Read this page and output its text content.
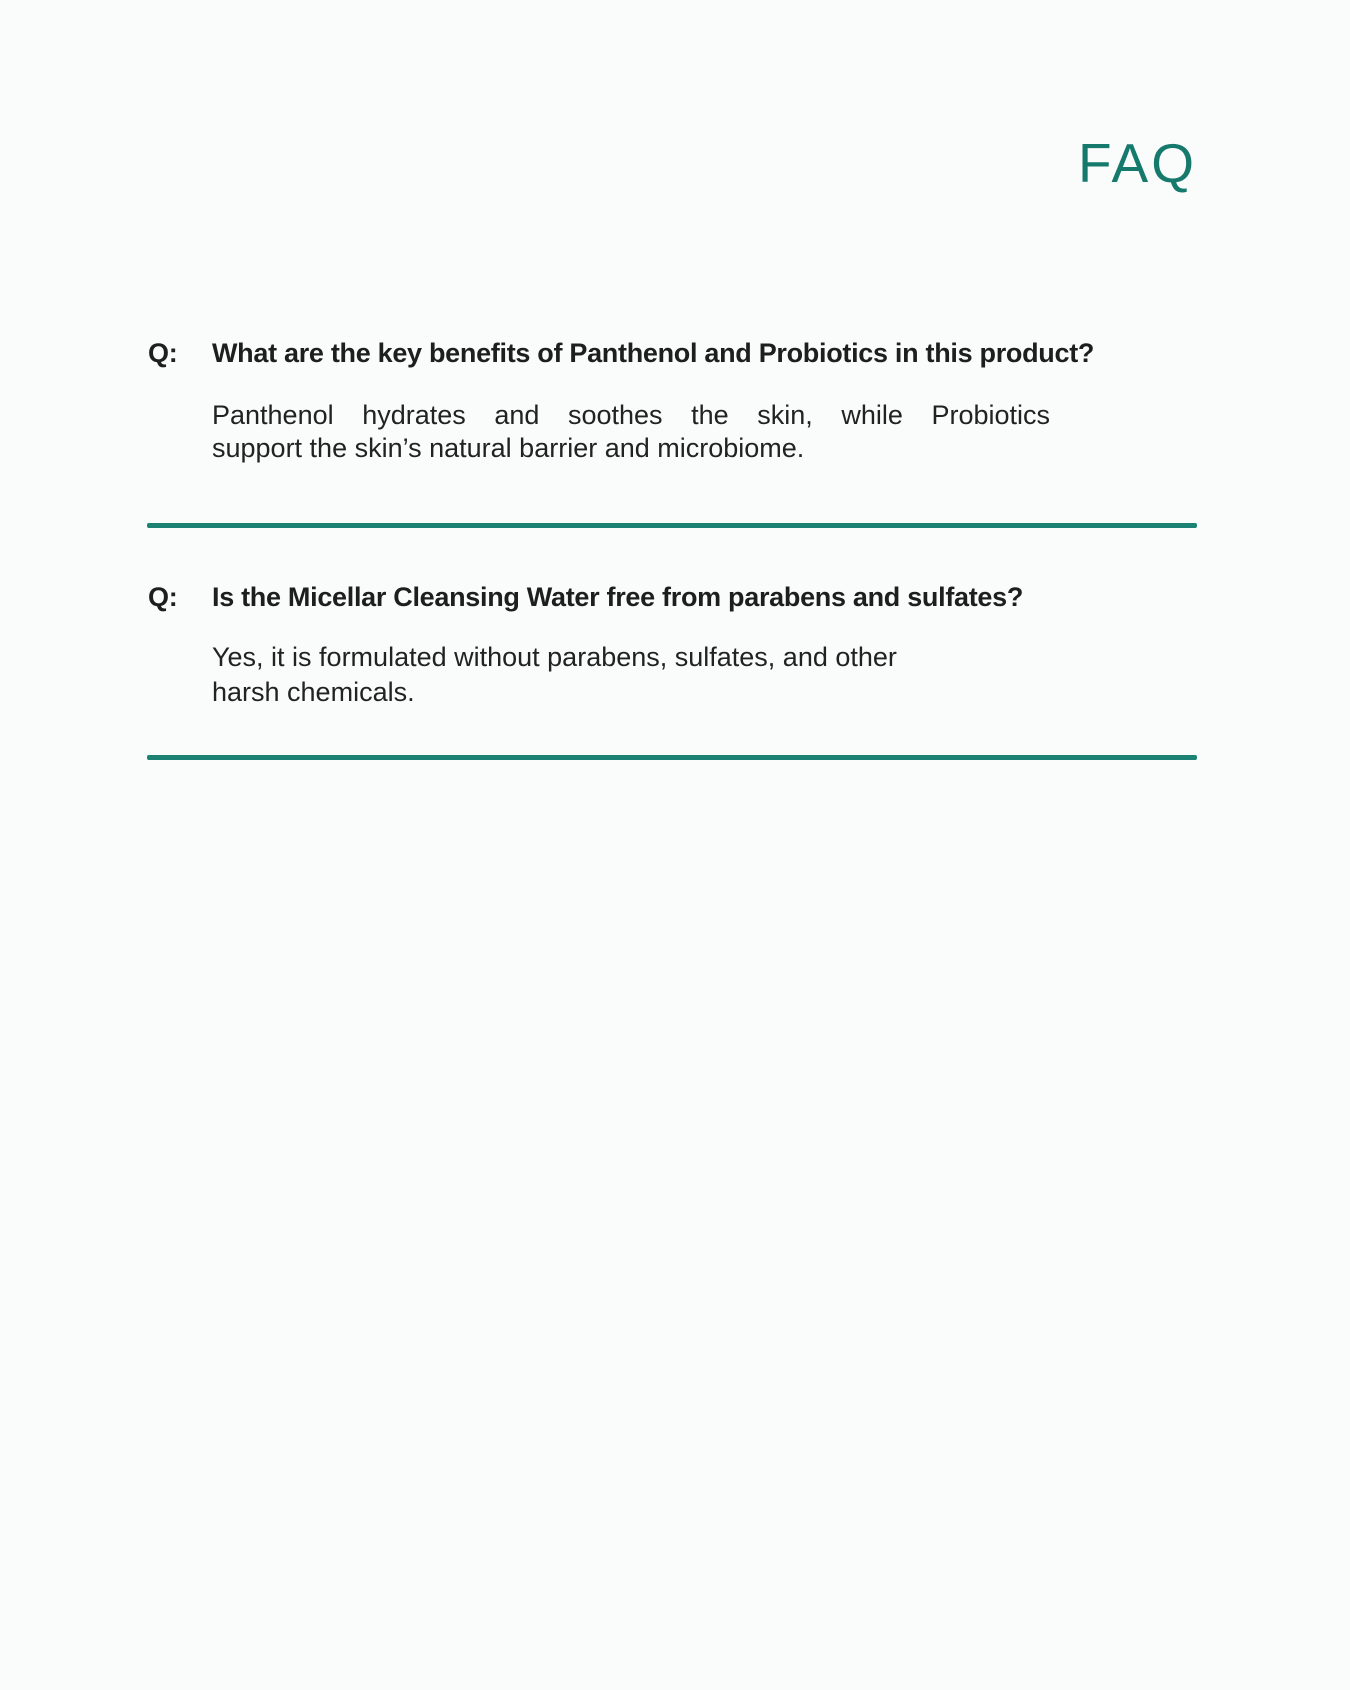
FAQ
Q:	What are the key benefits of Panthenol and Probiotics in this product?
Panthenol hydrates and soothes the skin, while Probiotics
support the skin’s natural barrier and microbiome.
Q:	Is the Micellar Cleansing Water free from parabens and sulfates?
Yes, it is formulated without parabens, sulfates, and other
harsh chemicals.
